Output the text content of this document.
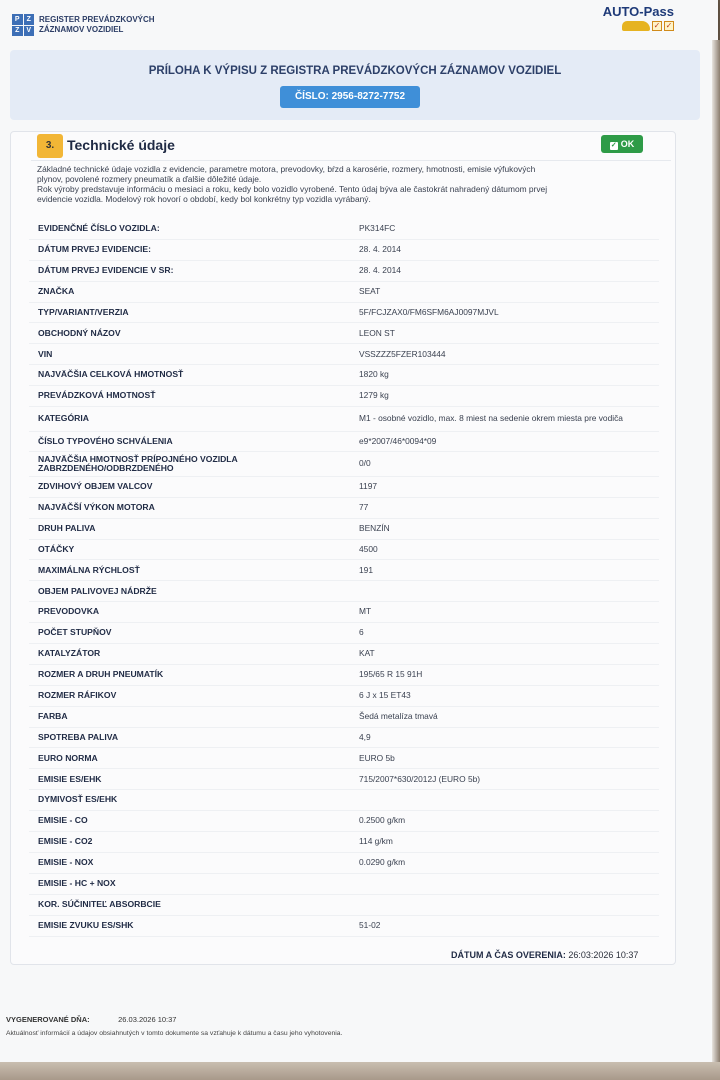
P	Z
Z	V
REGISTER PREVÁDZKOVÝCH
ZÁZNAMOV VOZIDIEL
AUTO-Pass
✓ ✓
PRÍLOHA K VÝPISU Z REGISTRA PREVÁDZKOVÝCH ZÁZNAMOV VOZIDIEL
ČÍSLO: 2956-8272-7752
3. Technické údaje	✓ OK
Základné technické údaje vozidla z evidencie, parametre motora, prevodovky, bŕzd a karosérie, rozmery, hmotnosti, emisie výfukových
plynov, povolené rozmery pneumatík a ďalšie dôležité údaje.
Rok výroby predstavuje informáciu o mesiaci a roku, kedy bolo vozidlo vyrobené. Tento údaj býva ale častokrát nahradený dátumom prvej
evidencie vozidla. Modelový rok hovorí o období, kedy bol konkrétny typ vozidla vyrábaný.
EVIDENČNÉ ČÍSLO VOZIDLA:	PK314FC
DÁTUM PRVEJ EVIDENCIE:	28. 4. 2014
DÁTUM PRVEJ EVIDENCIE V SR:	28. 4. 2014
ZNAČKA	SEAT
TYP/VARIANT/VERZIA	5F/FCJZAX0/FM6SFM6AJ0097MJVL
OBCHODNÝ NÁZOV	LEON ST
VIN	VSSZZZ5FZER103444
NAJVÄČŠIA CELKOVÁ HMOTNOSŤ	1820 kg
PREVÁDZKOVÁ HMOTNOSŤ	1279 kg
KATEGÓRIA	M1 - osobné vozidlo, max. 8 miest na sedenie okrem miesta pre vodiča
ČÍSLO TYPOVÉHO SCHVÁLENIA	e9*2007/46*0094*09
NAJVÄČŠIA HMOTNOSŤ PRÍPOJNÉHO VOZIDLA ZABRZDENÉHO/ODBRZDENÉHO	0/0
ZDVIHOVÝ OBJEM VALCOV	1197
NAJVÄČŠÍ VÝKON MOTORA	77
DRUH PALIVA	BENZÍN
OTÁČKY	4500
MAXIMÁLNA RÝCHLOSŤ	191
OBJEM PALIVOVEJ NÁDRŽE
PREVODOVKA	MT
POČET STUPŇOV	6
KATALYZÁTOR	KAT
ROZMER A DRUH PNEUMATÍK	195/65 R 15 91H
ROZMER RÁFIKOV	6 J x 15 ET43
FARBA	Šedá metalíza tmavá
SPOTREBA PALIVA	4,9
EURO NORMA	EURO 5b
EMISIE ES/EHK	715/2007*630/2012J (EURO 5b)
DYMIVOSŤ ES/EHK
EMISIE - CO	0.2500 g/km
EMISIE - CO2	114 g/km
EMISIE - NOX	0.0290 g/km
EMISIE - HC + NOX
KOR. SÚČINITEĽ ABSORBCIE
EMISIE ZVUKU ES/SHK	51-02
DÁTUM A ČAS OVERENIA: 26:03:2026 10:37
VYGENEROVANÉ DŇA:	26.03.2026 10:37
Aktuálnosť informácií a údajov obsiahnutých v tomto dokumente sa vzťahuje k dátumu a času jeho vyhotovenia.
